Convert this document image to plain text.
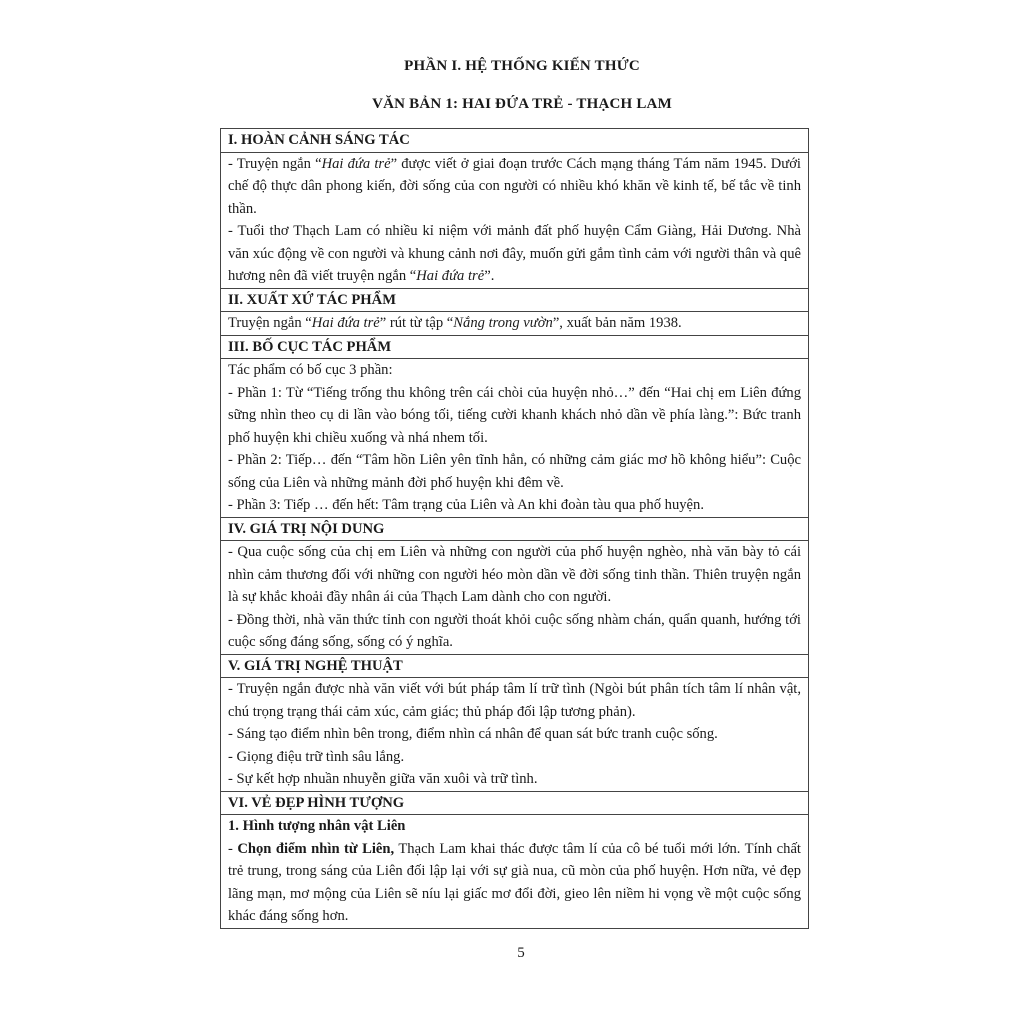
PHẦN I. HỆ THỐNG KIẾN THỨC
VĂN BẢN 1: HAI ĐỨA TRẺ - THẠCH LAM
I. HOÀN CẢNH SÁNG TÁC

- Truyện ngắn “Hai đứa trẻ” được viết ở giai đoạn trước Cách mạng tháng Tám năm 1945. Dưới chế độ thực dân phong kiến, đời sống của con người có nhiều khó khăn về kinh tế, bế tắc về tinh thần.
- Tuổi thơ Thạch Lam có nhiều kỉ niệm với mảnh đất phố huyện Cẩm Giàng, Hải Dương. Nhà văn xúc động về con người và khung cảnh nơi đây, muốn gửi gắm tình cảm với người thân và quê hương nên đã viết truyện ngắn “Hai đứa trẻ”.

II. XUẤT XỨ TÁC PHẨM

Truyện ngắn “Hai đứa trẻ” rút từ tập “Nắng trong vườn”, xuất bản năm 1938.

III. BỐ CỤC TÁC PHẨM

Tác phẩm có bố cục 3 phần:
- Phần 1: Từ “Tiếng trống thu không trên cái chòi của huyện nhỏ…” đến “Hai chị em Liên đứng sững nhìn theo cụ di lần vào bóng tối, tiếng cười khanh khách nhỏ dần về phía làng.”: Bức tranh phố huyện khi chiều xuống và nhá nhem tối.
- Phần 2: Tiếp… đến “Tâm hồn Liên yên tĩnh hẳn, có những cảm giác mơ hồ không hiểu”: Cuộc sống của Liên và những mảnh đời phố huyện khi đêm về.
- Phần 3: Tiếp … đến hết: Tâm trạng của Liên và An khi đoàn tàu qua phố huyện.

IV. GIÁ TRỊ NỘI DUNG

- Qua cuộc sống của chị em Liên và những con người của phố huyện nghèo, nhà văn bày tỏ cái nhìn cảm thương đối với những con người héo mòn dần về đời sống tinh thần. Thiên truyện ngắn là sự khắc khoải đầy nhân ái của Thạch Lam dành cho con người.
- Đồng thời, nhà văn thức tỉnh con người thoát khỏi cuộc sống nhàm chán, quẩn quanh, hướng tới cuộc sống đáng sống, sống có ý nghĩa.

V. GIÁ TRỊ NGHỆ THUẬT

- Truyện ngắn được nhà văn viết với bút pháp tâm lí trữ tình (Ngòi bút phân tích tâm lí nhân vật, chú trọng trạng thái cảm xúc, cảm giác; thủ pháp đối lập tương phản).
- Sáng tạo điểm nhìn bên trong, điểm nhìn cá nhân để quan sát bức tranh cuộc sống.
- Giọng điệu trữ tình sâu lắng.
- Sự kết hợp nhuần nhuyễn giữa văn xuôi và trữ tình.

VI. VẺ ĐẸP HÌNH TƯỢNG

1. Hình tượng nhân vật Liên
- Chọn điểm nhìn từ Liên, Thạch Lam khai thác được tâm lí của cô bé tuổi mới lớn. Tính chất trẻ trung, trong sáng của Liên đối lập lại với sự già nua, cũ mòn của phố huyện. Hơn nữa, vẻ đẹp lãng mạn, mơ mộng của Liên sẽ níu lại giấc mơ đổi đời, gieo lên niềm hi vọng về một cuộc sống khác đáng sống hơn.
5
